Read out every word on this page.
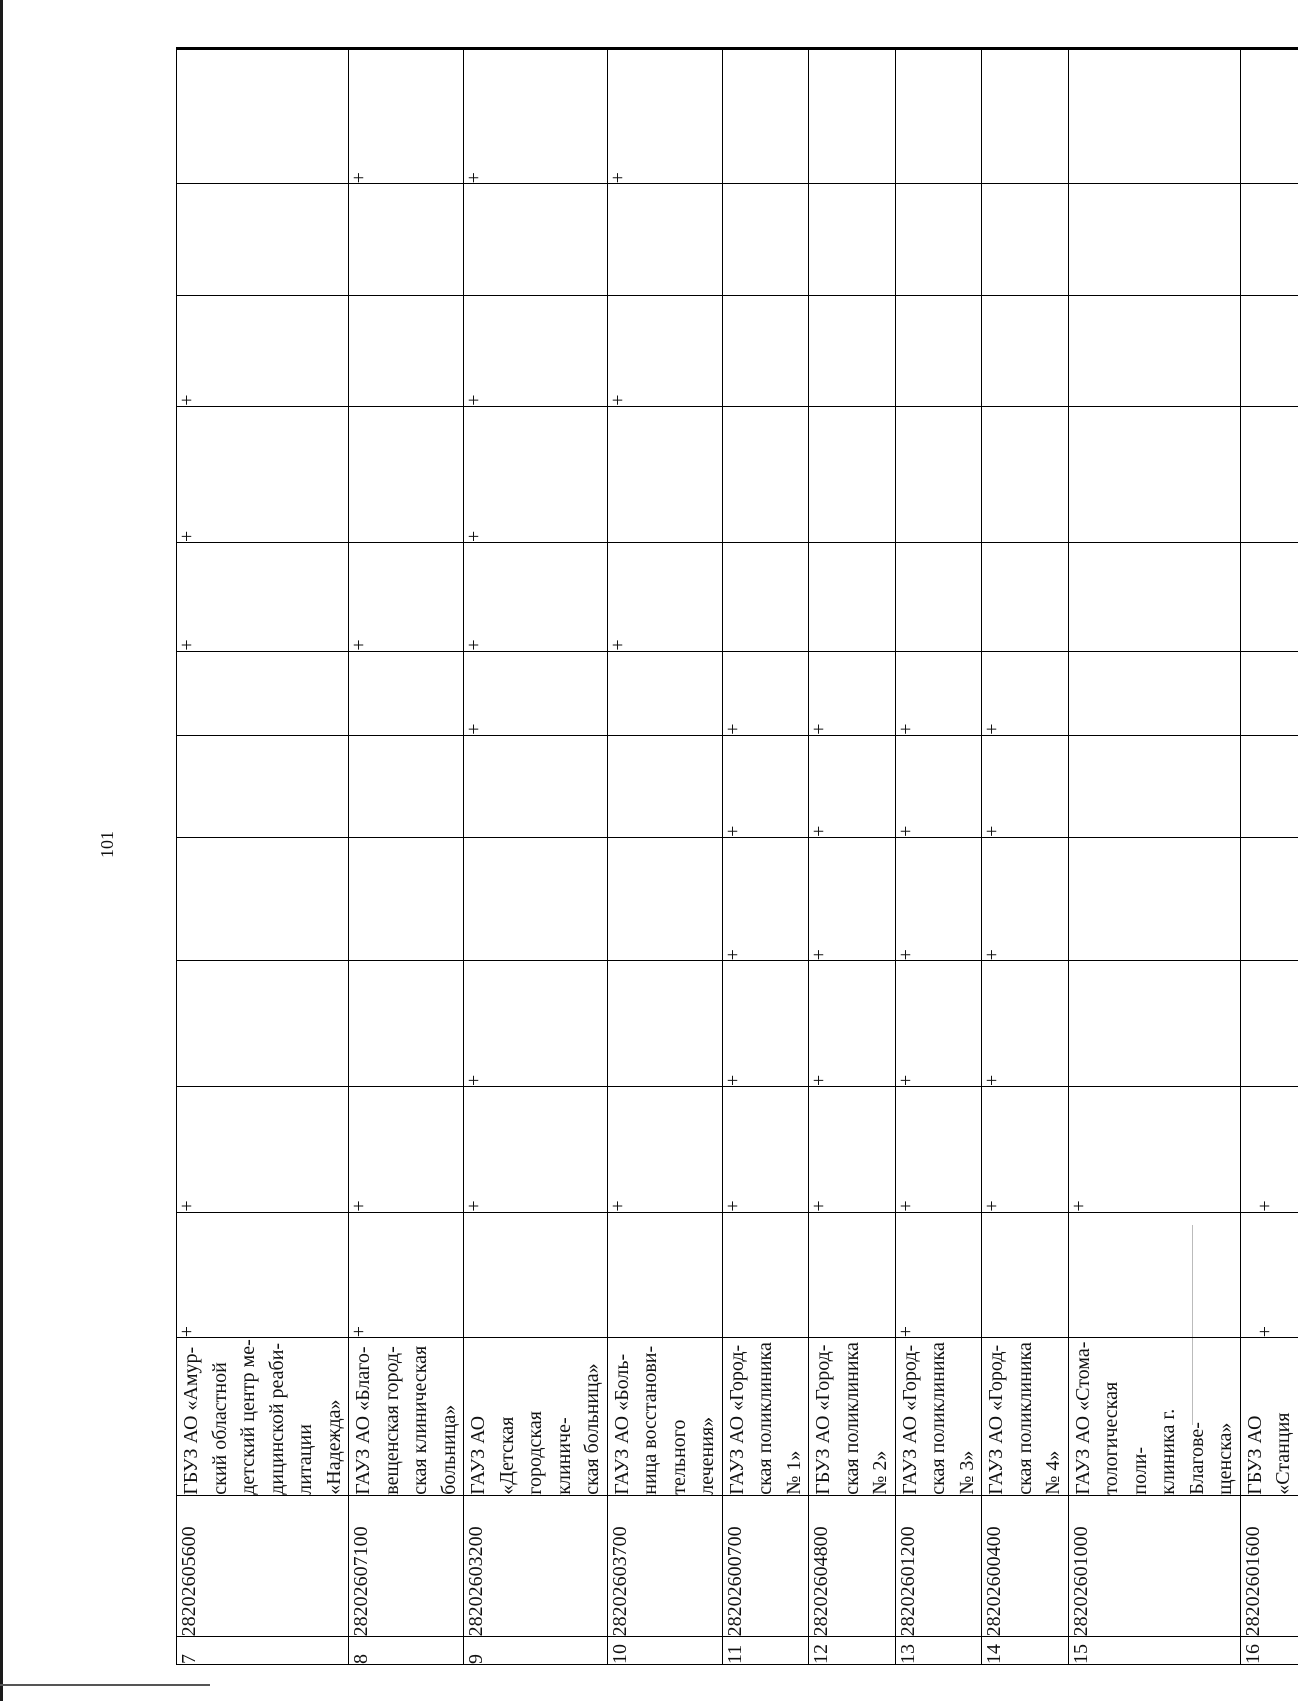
101
7	28202605600	ГБУЗ АО «Амур- ский областной детский центр ме- дицинской реаби- литации «Надежда»	+	+					+	+	+		
8	28202607100	ГАУЗ АО «Благо- вещенская город- ская клиническая больница»	+	+					+				+
9	28202603200	ГАУЗ АО «Детская городская клиниче- ская больница»		+	+			+	+	+	+		+
10	28202603700	ГАУЗ АО «Боль- ница восстанови- тельного лечения»		+					+		+		+
11	28202600700	ГАУЗ АО «Город- ская поликлиника № 1»		+	+	+	+	+					
12	28202604800	ГБУЗ АО «Город- ская поликлиника № 2»		+	+	+	+	+					
13	28202601200	ГАУЗ АО «Город- ская поликлиника № 3»	+	+	+	+	+	+					
14	28202600400	ГАУЗ АО «Город- ская поликлиника № 4»		+	+	+	+	+					
15	28202601000	ГАУЗ АО «Стома- тологическая поли- клиника г. Благове- щенска»		+									
16	28202601600	ГБУЗ АО «Станция	+	+									
